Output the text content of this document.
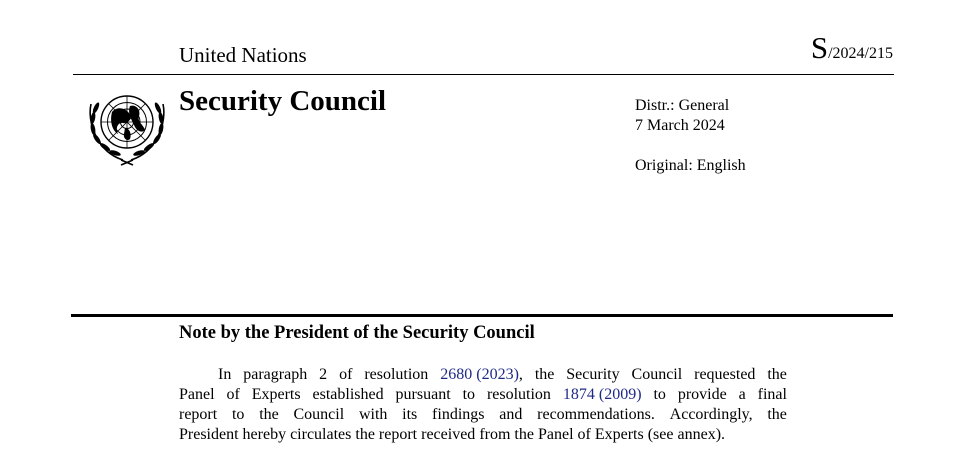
United Nations	S/2024/215
Security Council	Distr.: General
7 March 2024
Original: English
Note by the President of the Security Council
In paragraph 2 of resolution 2680 (2023), the Security Council requested the
Panel of Experts established pursuant to resolution 1874 (2009) to provide a final
report to the Council with its findings and recommendations. Accordingly, the
President hereby circulates the report received from the Panel of Experts (see annex).
